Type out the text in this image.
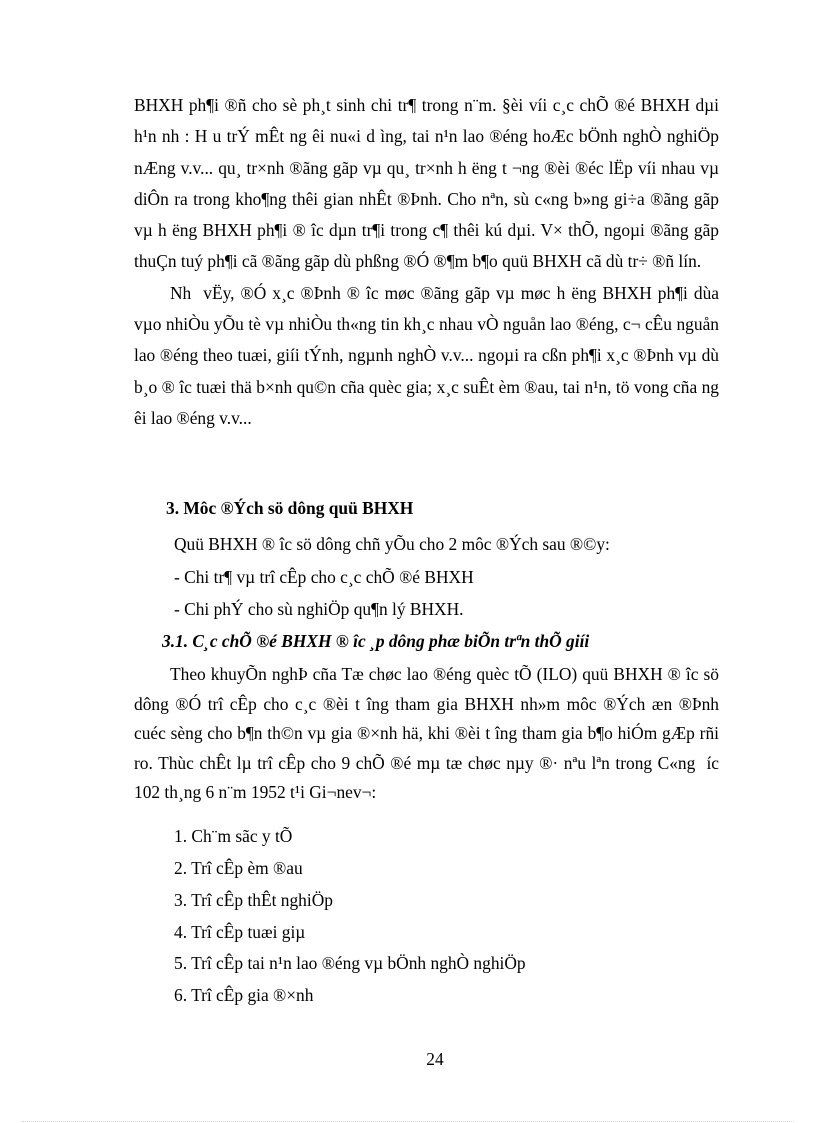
BHXH ph¶i ®ñ cho sè ph¸t sinh chi tr¶ trong n¨m. §èi víi c¸c chÕ ®é BHXH dµi h¹n nh : H u trÝ mÊt ng êi nu«i d ìng, tai n¹n lao ®éng hoÆc bÖnh nghÒ nghiÖp nÆng v.v... qu¸ tr×nh ®ãng gãp vµ qu¸ tr×nh h ëng t ¬ng ®èi ®éc lËp víi nhau vµ diÔn ra trong kho¶ng thêi gian nhÊt ®Þnh. Cho nªn, sù c«ng b»ng gi÷a ®ãng gãp vµ h ëng BHXH ph¶i ® îc dµn tr¶i trong c¶ thêi kú dµi. V× thÕ, ngoµi ®ãng gãp thuÇn tuý ph¶i cã ®ãng gãp dù phßng ®Ó ®¶m b¶o quü BHXH cã dù tr÷ ®ñ lín.

Nh  vËy, ®Ó x¸c ®Þnh ® îc møc ®ãng gãp vµ møc h ëng BHXH ph¶i dùa vµo nhiÒu yÕu tè vµ nhiÒu th«ng tin kh¸c nhau vÒ nguån lao ®éng, c¬ cÊu nguån lao ®éng theo tuæi, giíi tÝnh, ngµnh nghÒ v.v... ngoµi ra cßn ph¶i x¸c ®Þnh vµ dù b¸o ® îc tuæi thä b×nh qu©n cña quèc gia; x¸c suÊt èm ®au, tai n¹n, tö vong cña ng êi lao ®éng v.v...

3. Môc ®Ých sö dông quü BHXH
Quü BHXH ® îc sö dông chñ yÕu cho 2 môc ®Ých sau ®©y:
- Chi tr¶ vµ trî cÊp cho c¸c chÕ ®é BHXH
- Chi phÝ cho sù nghiÖp qu¶n lý BHXH.
3.1. C¸c chÕ ®é BHXH ® îc ¸p dông phæ biÕn trªn thÕ giíi

Theo khuyÕn nghÞ cña Tæ chøc lao ®éng quèc tÕ (ILO) quü BHXH ® îc sö dông ®Ó trî cÊp cho c¸c ®èi t îng tham gia BHXH nh»m môc ®Ých æn ®Þnh cuéc sèng cho b¶n th©n vµ gia ®×nh hä, khi ®èi t îng tham gia b¶o hiÓm gÆp rñi ro. Thùc chÊt lµ trî cÊp cho 9 chÕ ®é mµ tæ chøc nµy ®· nªu lªn trong C«ng  íc 102 th¸ng 6 n¨m 1952 t¹i Gi¬nev¬:

1. Ch¨m sãc y tÕ
2. Trî cÊp èm ®au
3. Trî cÊp thÊt nghiÖp
4. Trî cÊp tuæi giµ
5. Trî cÊp tai n¹n lao ®éng vµ bÖnh nghÒ nghiÖp
6. Trî cÊp gia ®×nh
24
